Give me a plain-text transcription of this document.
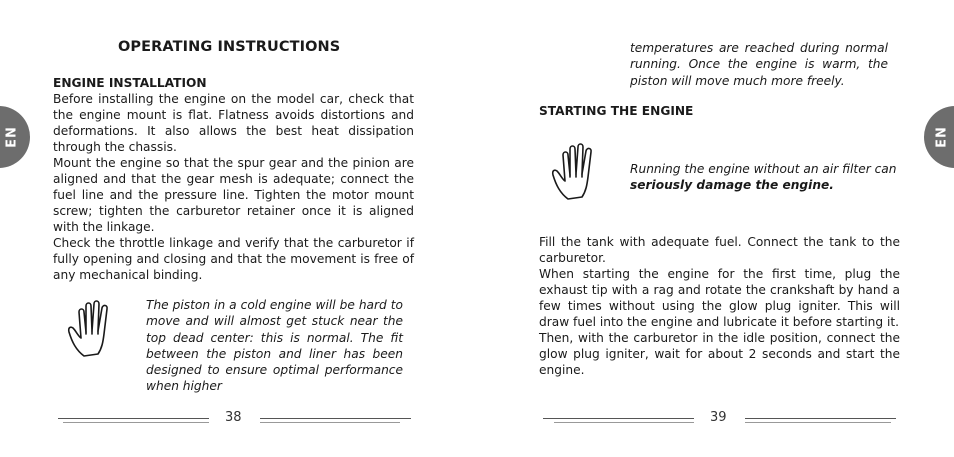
EN
OPERATING INSTRUCTIONS
ENGINE INSTALLATION
Before installing the engine on the model car, check that the engine mount is flat. Flatness avoids distortions and deformations. It also allows the best heat dissipation through the chassis.
Mount the engine so that the spur gear and the pinion are aligned and that the gear mesh is adequate; connect the fuel line and the pressure line. Tighten the motor mount screw; tighten the carburetor retainer once it is aligned with the linkage.
Check the throttle linkage and verify that the carburetor if fully opening and closing and that the movement is free of any mechanical binding.
The piston in a cold engine will be hard to move and will almost get stuck near the top dead center: this is normal. The fit between the piston and liner has been designed to ensure optimal performance when higher
38
temperatures are reached during normal running. Once the engine is warm, the piston will move much more freely.
STARTING THE ENGINE
Running the engine without an air filter can
seriously damage the engine.
Fill the tank with adequate fuel. Connect the tank to the carburetor.
When starting the engine for the first time, plug the exhaust tip with a rag and rotate the crankshaft by hand a few times without using the glow plug igniter. This will draw fuel into the engine and lubricate it before starting it.
Then, with the carburetor in the idle position, connect the glow plug igniter, wait for about 2 seconds and start the engine.
EN
39
